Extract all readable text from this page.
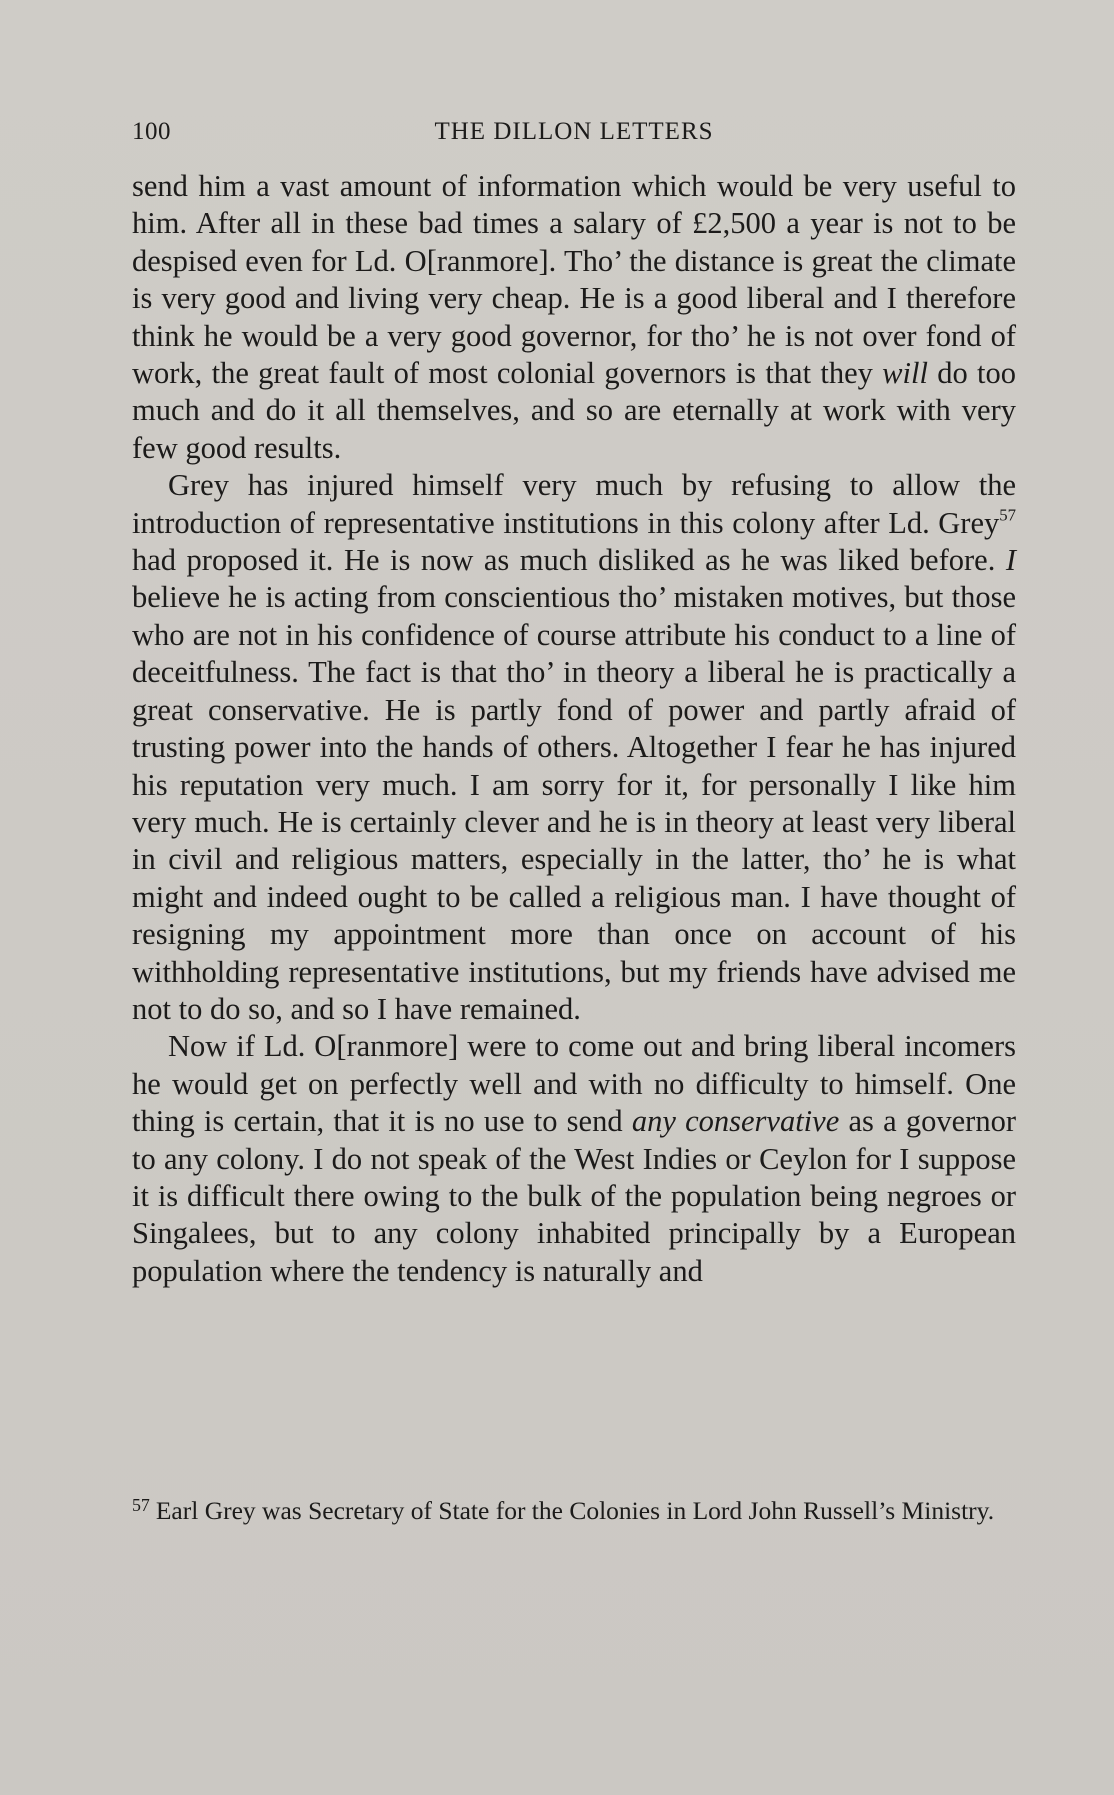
100	THE DILLON LETTERS

send him a vast amount of information which would be very useful to him. After all in these bad times a salary of £2,500 a year is not to be despised even for Ld. O[ranmore]. Tho’ the distance is great the climate is very good and living very cheap. He is a good liberal and I therefore think he would be a very good governor, for tho’ he is not over fond of work, the great fault of most colonial governors is that they will do too much and do it all themselves, and so are eternally at work with very few good results.

Grey has injured himself very much by refusing to allow the introduction of representative institutions in this colony after Ld. Grey$^{57}$ had proposed it. He is now as much disliked as he was liked before. I believe he is acting from conscientious tho’ mistaken motives, but those who are not in his confidence of course attribute his conduct to a line of deceitfulness. The fact is that tho’ in theory a liberal he is practically a great conservative. He is partly fond of power and partly afraid of trusting power into the hands of others. Altogether I fear he has injured his reputation very much. I am sorry for it, for personally I like him very much. He is certainly clever and he is in theory at least very liberal in civil and religious matters, especially in the latter, tho’ he is what might and indeed ought to be called a religious man. I have thought of resigning my appointment more than once on account of his withholding representative institutions, but my friends have advised me not to do so, and so I have remained.

Now if Ld. O[ranmore] were to come out and bring liberal incomers he would get on perfectly well and with no difficulty to himself. One thing is certain, that it is no use to send any conservative as a governor to any colony. I do not speak of the West Indies or Ceylon for I suppose it is difficult there owing to the bulk of the population being negroes or Singalees, but to any colony inhabited principally by a European population where the tendency is naturally and

$^{57}$ Earl Grey was Secretary of State for the Colonies in Lord John Russell’s Ministry.
